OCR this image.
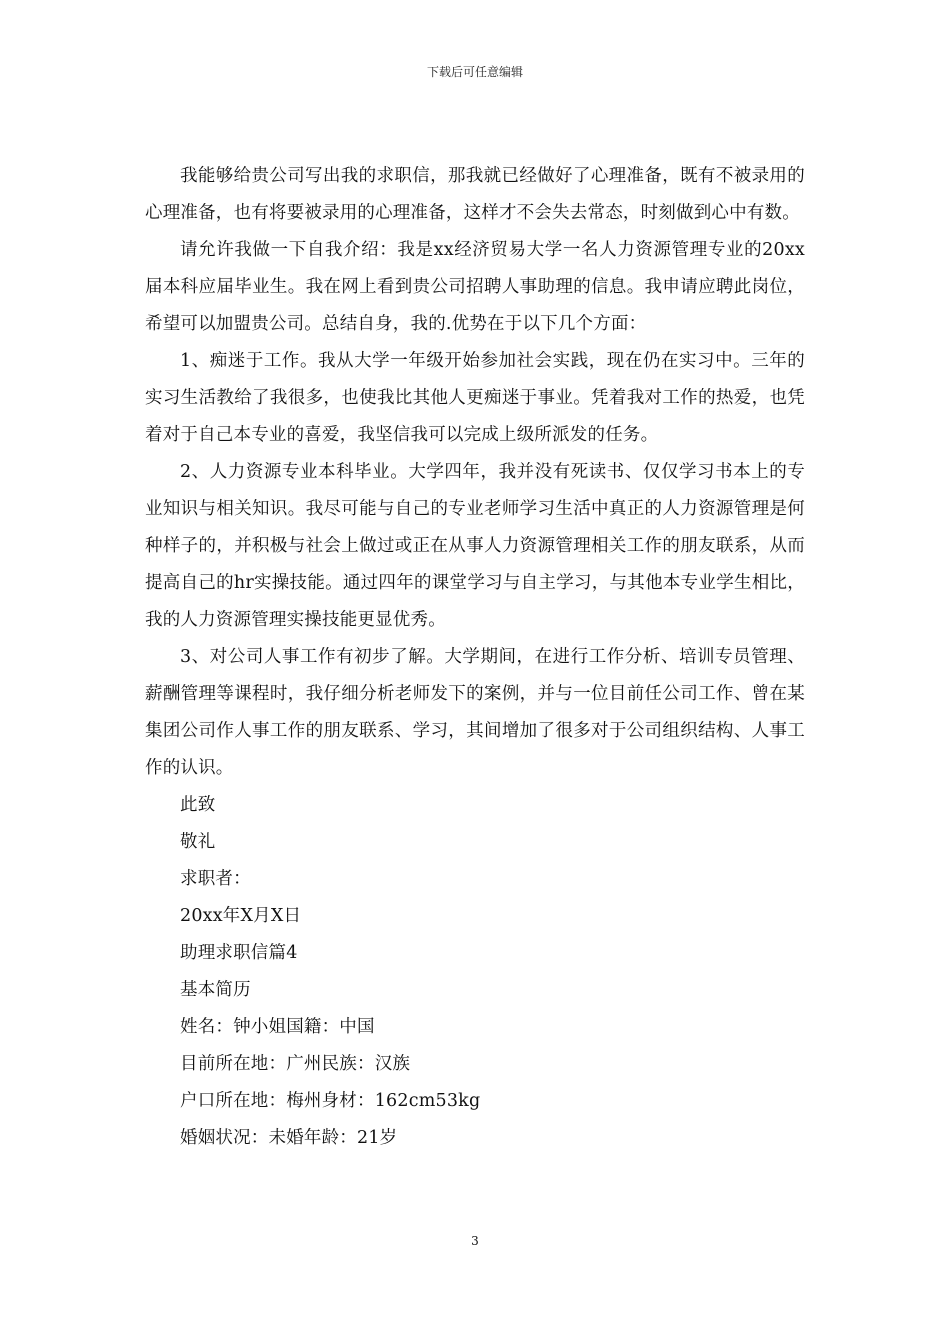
下载后可任意编辑

我能够给贵公司写出我的求职信，那我就已经做好了心理准备，既有不被录用的心理准备，也有将要被录用的心理准备，这样才不会失去常态，时刻做到心中有数。

请允许我做一下自我介绍：我是xx经济贸易大学一名人力资源管理专业的20xx届本科应届毕业生。我在网上看到贵公司招聘人事助理的信息。我申请应聘此岗位，希望可以加盟贵公司。总结自身，我的.优势在于以下几个方面：

1、痴迷于工作。我从大学一年级开始参加社会实践，现在仍在实习中。三年的实习生活教给了我很多，也使我比其他人更痴迷于事业。凭着我对工作的热爱，也凭着对于自己本专业的喜爱，我坚信我可以完成上级所派发的任务。

2、人力资源专业本科毕业。大学四年，我并没有死读书、仅仅学习书本上的专业知识与相关知识。我尽可能与自己的专业老师学习生活中真正的人力资源管理是何种样子的，并积极与社会上做过或正在从事人力资源管理相关工作的朋友联系，从而提高自己的hr实操技能。通过四年的课堂学习与自主学习，与其他本专业学生相比，我的人力资源管理实操技能更显优秀。

3、对公司人事工作有初步了解。大学期间，在进行工作分析、培训专员管理、薪酬管理等课程时，我仔细分析老师发下的案例，并与一位目前任公司工作、曾在某集团公司作人事工作的朋友联系、学习，其间增加了很多对于公司组织结构、人事工作的认识。

此致

敬礼

求职者：

20xx年X月X日

助理求职信篇4

基本简历

姓名：钟小姐国籍：中国

目前所在地：广州民族：汉族

户口所在地：梅州身材：162cm53kg

婚姻状况：未婚年龄：21岁

3
